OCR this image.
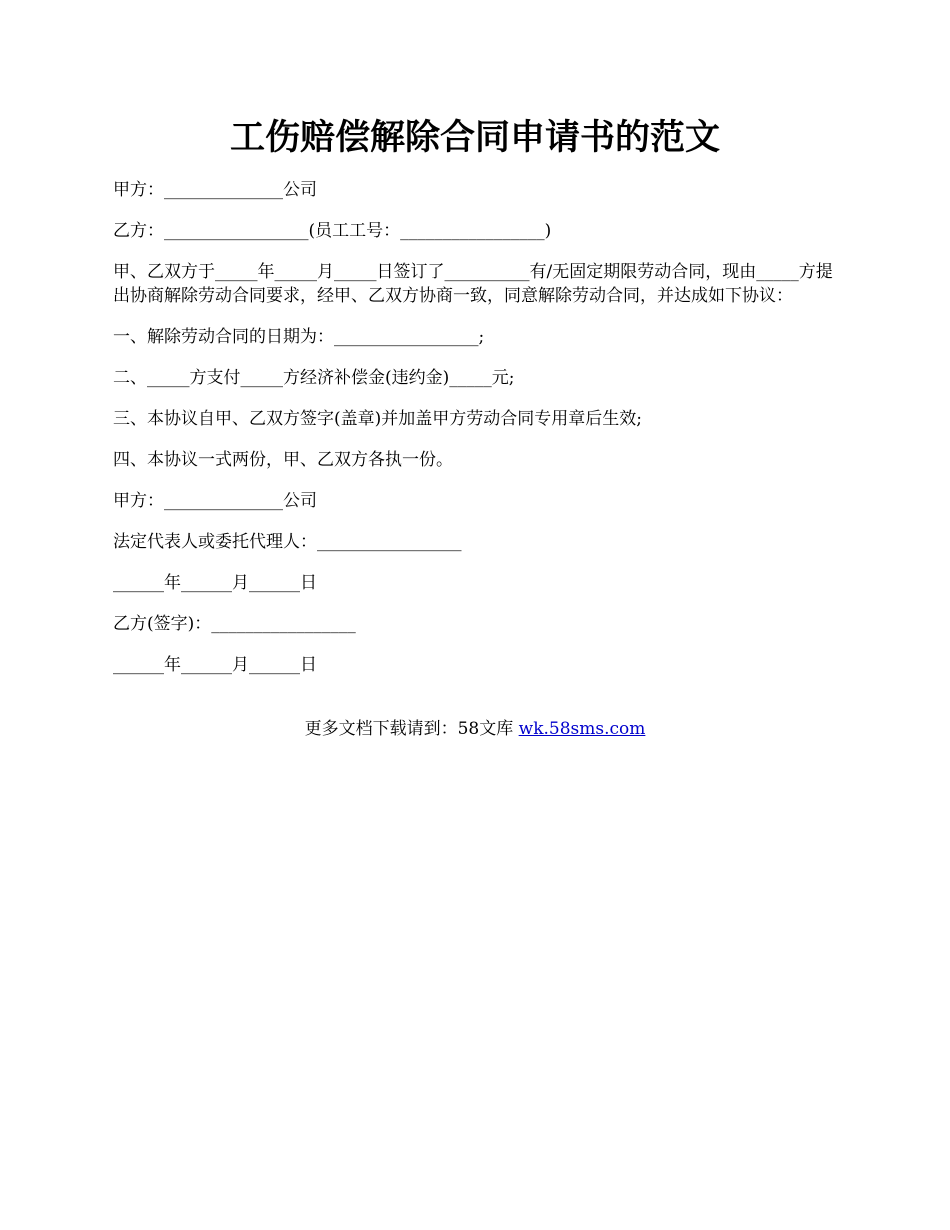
工伤赔偿解除合同申请书的范文

甲方：______________公司

乙方：_________________(员工工号：_________________)

甲、乙双方于_____年_____月_____日签订了__________有/无固定期限劳动合同，现由_____方提出协商解除劳动合同要求，经甲、乙双方协商一致，同意解除劳动合同，并达成如下协议：

一、解除劳动合同的日期为：_________________;

二、_____方支付_____方经济补偿金(违约金)_____元;

三、本协议自甲、乙双方签字(盖章)并加盖甲方劳动合同专用章后生效;

四、本协议一式两份，甲、乙双方各执一份。

甲方：______________公司

法定代表人或委托代理人：_________________

______年______月______日

乙方(签字)：_________________

______年______月______日

更多文档下载请到：58文库 wk.58sms.com
